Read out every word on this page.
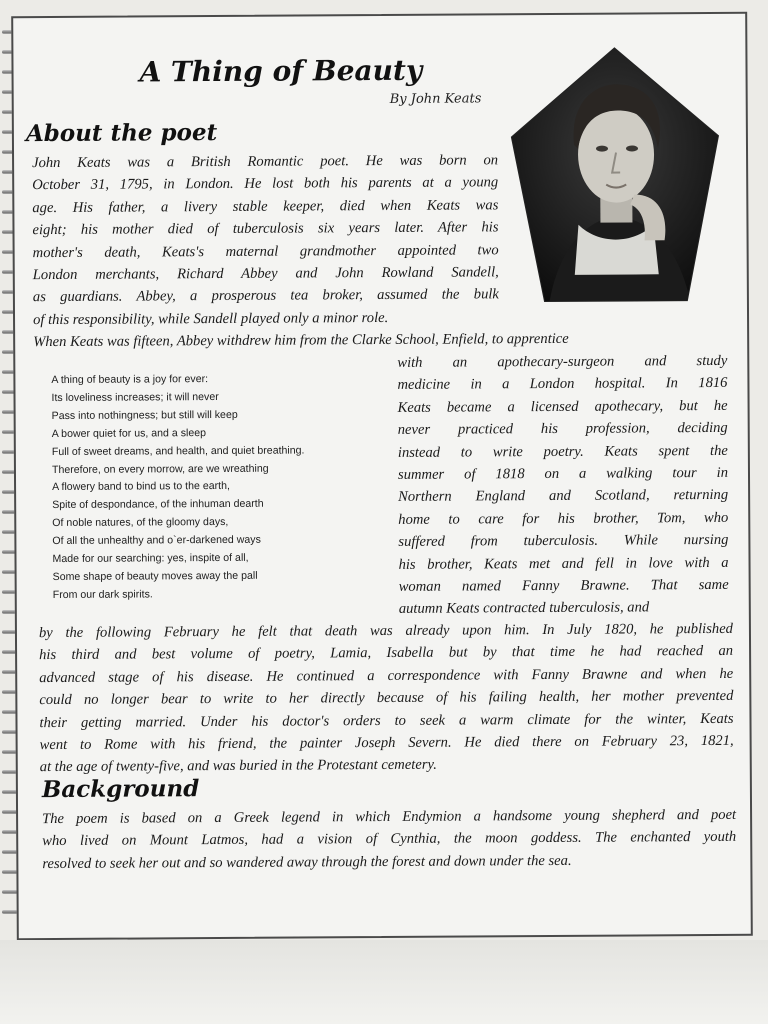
A Thing of Beauty
By John Keats
About the poet
John Keats was a British Romantic poet. He was born on
October 31, 1795, in London. He lost both his parents at a young
age. His father, a livery stable keeper, died when Keats was
eight; his mother died of tuberculosis six years later. After his
mother's death, Keats's maternal grandmother appointed two
London merchants, Richard Abbey and John Rowland Sandell,
as guardians. Abbey, a prosperous tea broker, assumed the bulk
of this responsibility, while Sandell played only a minor role.
When Keats was fifteen, Abbey withdrew him from the Clarke School, Enfield, to apprentice
A thing of beauty is a joy for ever:
Its loveliness increases; it will never
Pass into nothingness; but still will keep
A bower quiet for us, and a sleep
Full of sweet dreams, and health, and quiet breathing.
Therefore, on every morrow, are we wreathing
A flowery band to bind us to the earth,
Spite of despondance, of the inhuman dearth
Of noble natures, of the gloomy days,
Of all the unhealthy and o`er-darkened ways
Made for our searching: yes, inspite of all,
Some shape of beauty moves away the pall
From our dark spirits.
with an apothecary-surgeon and study
medicine in a London hospital. In 1816
Keats became a licensed apothecary, but he
never practiced his profession, deciding
instead to write poetry. Keats spent the
summer of 1818 on a walking tour in
Northern England and Scotland, returning
home to care for his brother, Tom, who
suffered from tuberculosis. While nursing
his brother, Keats met and fell in love with a
woman named Fanny Brawne. That same
autumn Keats contracted tuberculosis, and
by the following February he felt that death was already upon him. In July 1820, he published
his third and best volume of poetry, Lamia, Isabella but by that time he had reached an
advanced stage of his disease. He continued a correspondence with Fanny Brawne and when he
could no longer bear to write to her directly because of his failing health, her mother prevented
their getting married. Under his doctor's orders to seek a warm climate for the winter, Keats
went to Rome with his friend, the painter Joseph Severn. He died there on February 23, 1821,
at the age of twenty-five, and was buried in the Protestant cemetery.
Background
The poem is based on a Greek legend in which Endymion a handsome young shepherd and poet
who lived on Mount Latmos, had a vision of Cynthia, the moon goddess. The enchanted youth
resolved to seek her out and so wandered away through the forest and down under the sea.
